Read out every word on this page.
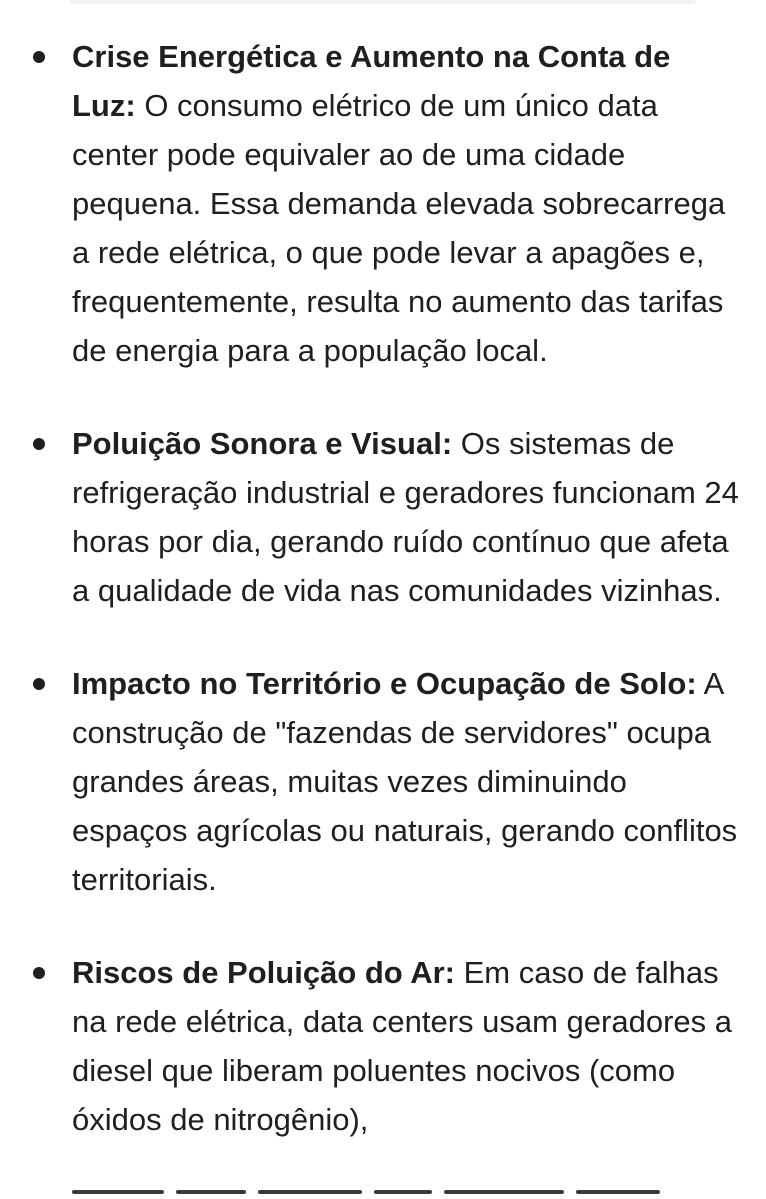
Crise Energética e Aumento na Conta de Luz: O consumo elétrico de um único data center pode equivaler ao de uma cidade pequena. Essa demanda elevada sobrecarrega a rede elétrica, o que pode levar a apagões e, frequentemente, resulta no aumento das tarifas de energia para a população local.
Poluição Sonora e Visual: Os sistemas de refrigeração industrial e geradores funcionam 24 horas por dia, gerando ruído contínuo que afeta a qualidade de vida nas comunidades vizinhas.
Impacto no Território e Ocupação de Solo: A construção de "fazendas de servidores" ocupa grandes áreas, muitas vezes diminuindo espaços agrícolas ou naturais, gerando conflitos territoriais.
Riscos de Poluição do Ar: Em caso de falhas na rede elétrica, data centers usam geradores a diesel que liberam poluentes nocivos (como óxidos de nitrogênio),
